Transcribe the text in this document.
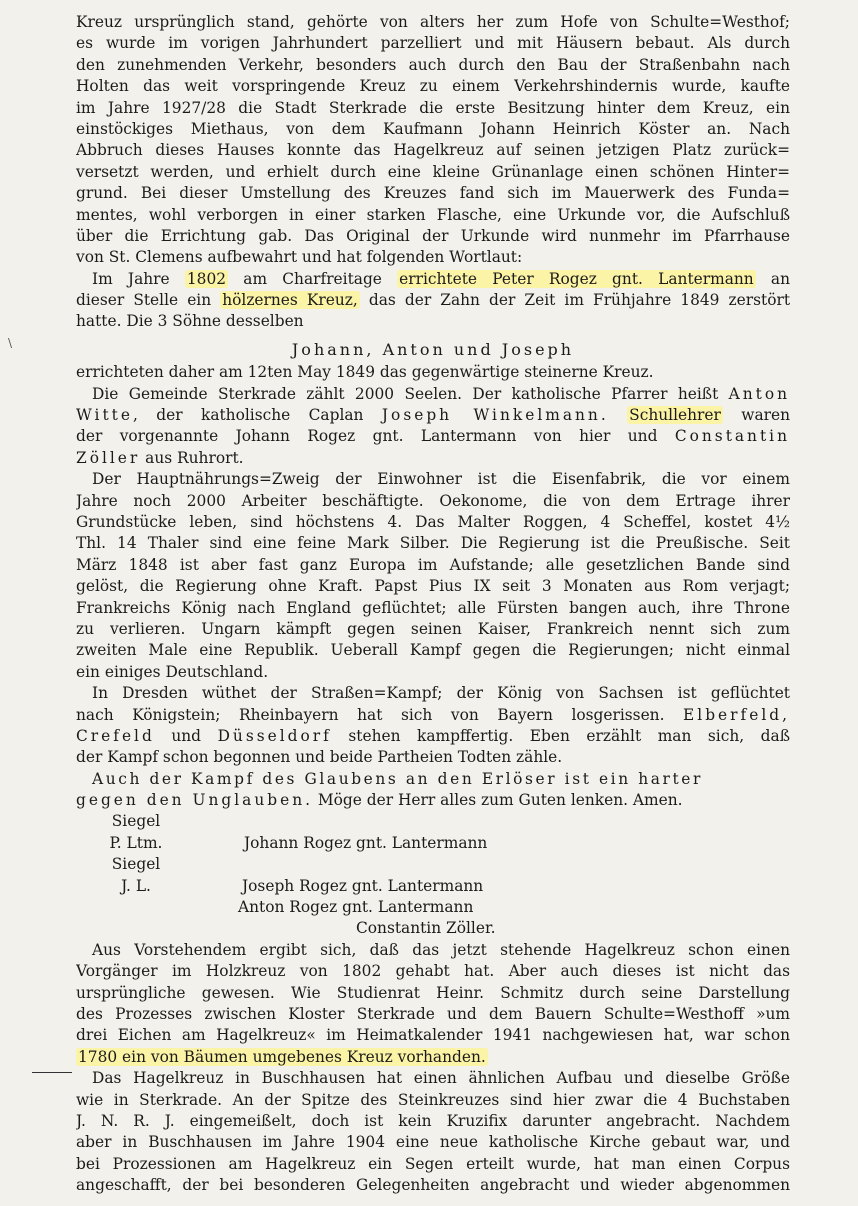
\
Kreuz ursprünglich stand, gehörte von alters her zum Hofe von Schulte=Westhof;
es wurde im vorigen Jahrhundert parzelliert und mit Häusern bebaut. Als durch
den zunehmenden Verkehr, besonders auch durch den Bau der Straßenbahn nach
Holten das weit vorspringende Kreuz zu einem Verkehrshindernis wurde, kaufte
im Jahre 1927/28 die Stadt Sterkrade die erste Besitzung hinter dem Kreuz, ein
einstöckiges Miethaus, von dem Kaufmann Johann Heinrich Köster an. Nach
Abbruch dieses Hauses konnte das Hagelkreuz auf seinen jetzigen Platz zurück=
versetzt werden, und erhielt durch eine kleine Grünanlage einen schönen Hinter=
grund. Bei dieser Umstellung des Kreuzes fand sich im Mauerwerk des Funda=
mentes, wohl verborgen in einer starken Flasche, eine Urkunde vor, die Aufschluß
über die Errichtung gab. Das Original der Urkunde wird nunmehr im Pfarrhause
von St. Clemens aufbewahrt und hat folgenden Wortlaut:
Im Jahre 1802 am Charfreitage errichtete Peter Rogez gnt. Lantermann an
dieser Stelle ein hölzernes Kreuz, das der Zahn der Zeit im Frühjahre 1849 zerstört
hatte. Die 3 Söhne desselben
Johann, Anton und Joseph
errichteten daher am 12ten May 1849 das gegenwärtige steinerne Kreuz.
Die Gemeinde Sterkrade zählt 2000 Seelen. Der katholische Pfarrer heißt Anton
Witte, der katholische Caplan Joseph Winkelmann. Schullehrer waren
der vorgenannte Johann Rogez gnt. Lantermann von hier und Constantin
Zöller aus Ruhrort.
Der Hauptnährungs=Zweig der Einwohner ist die Eisenfabrik, die vor einem
Jahre noch 2000 Arbeiter beschäftigte. Oekonome, die von dem Ertrage ihrer
Grundstücke leben, sind höchstens 4. Das Malter Roggen, 4 Scheffel, kostet 4½
Thl. 14 Thaler sind eine feine Mark Silber. Die Regierung ist die Preußische. Seit
März 1848 ist aber fast ganz Europa im Aufstande; alle gesetzlichen Bande sind
gelöst, die Regierung ohne Kraft. Papst Pius IX seit 3 Monaten aus Rom verjagt;
Frankreichs König nach England geflüchtet; alle Fürsten bangen auch, ihre Throne
zu verlieren. Ungarn kämpft gegen seinen Kaiser, Frankreich nennt sich zum
zweiten Male eine Republik. Ueberall Kampf gegen die Regierungen; nicht einmal
ein einiges Deutschland.
In Dresden wüthet der Straßen=Kampf; der König von Sachsen ist geflüchtet
nach Königstein; Rheinbayern hat sich von Bayern losgerissen. Elberfeld,
Crefeld und Düsseldorf stehen kampffertig. Eben erzählt man sich, daß
der Kampf schon begonnen und beide Partheien Todten zähle.
Auch der Kampf des Glaubens an den Erlöser ist ein harter
gegen den Unglauben. Möge der Herr alles zum Guten lenken. Amen.
Siegel
P. Ltm.	Johann Rogez gnt. Lantermann
Siegel
J. L.	Joseph Rogez gnt. Lantermann
Anton Rogez gnt. Lantermann
Constantin Zöller.
Aus Vorstehendem ergibt sich, daß das jetzt stehende Hagelkreuz schon einen
Vorgänger im Holzkreuz von 1802 gehabt hat. Aber auch dieses ist nicht das
ursprüngliche gewesen. Wie Studienrat Heinr. Schmitz durch seine Darstellung
des Prozesses zwischen Kloster Sterkrade und dem Bauern Schulte=Westhoff »um
drei Eichen am Hagelkreuz« im Heimatkalender 1941 nachgewiesen hat, war schon
1780 ein von Bäumen umgebenes Kreuz vorhanden.
Das Hagelkreuz in Buschhausen hat einen ähnlichen Aufbau und dieselbe Größe
wie in Sterkrade. An der Spitze des Steinkreuzes sind hier zwar die 4 Buchstaben
J. N. R. J. eingemeißelt, doch ist kein Kruzifix darunter angebracht. Nachdem
aber in Buschhausen im Jahre 1904 eine neue katholische Kirche gebaut war, und
bei Prozessionen am Hagelkreuz ein Segen erteilt wurde, hat man einen Corpus
angeschafft, der bei besonderen Gelegenheiten angebracht und wieder abgenommen
